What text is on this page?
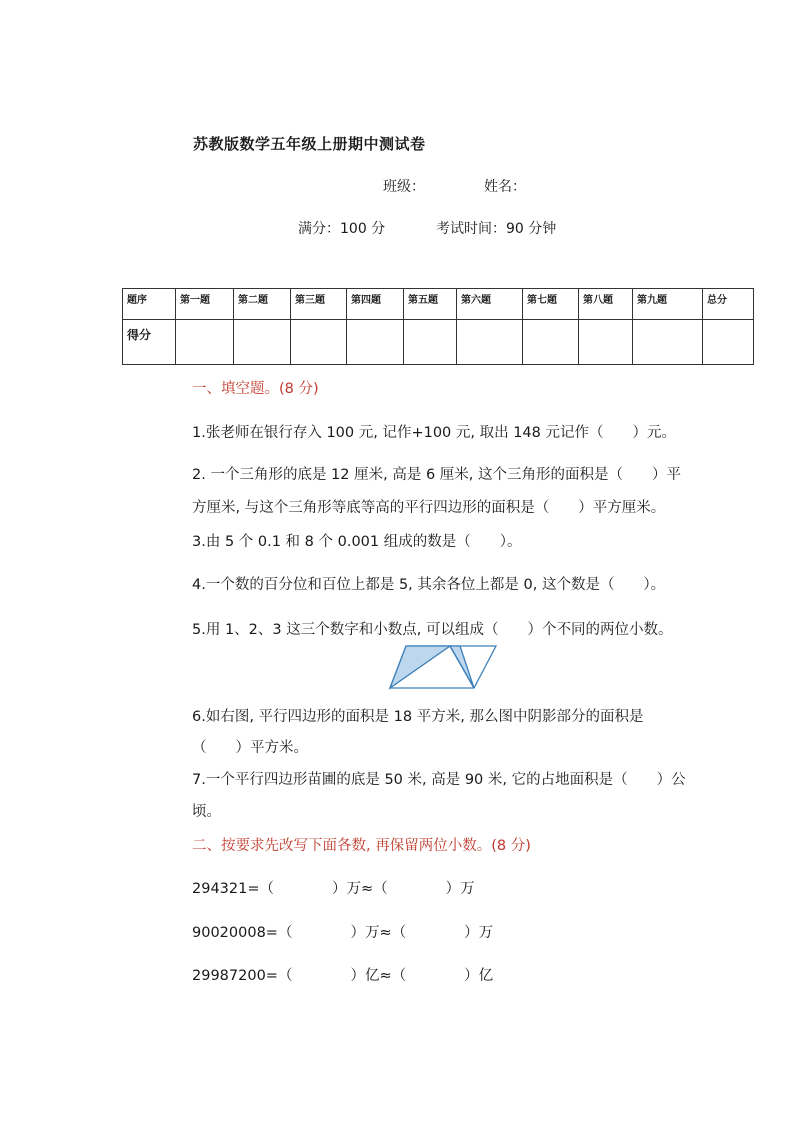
苏教版数学五年级上册期中测试卷
班级：	姓名：
满分：100 分	考试时间：90 分钟
题序	第一题	第二题	第三题	第四题	第五题	第六题	第七题	第八题	第九题	总分
得分										
一、填空题。(8 分)
1.张老师在银行存入 100 元, 记作+100 元, 取出 148 元记作（　　）元。
2. 一个三角形的底是 12 厘米, 高是 6 厘米, 这个三角形的面积是（　　）平
方厘米, 与这个三角形等底等高的平行四边形的面积是（　　）平方厘米。
3.由 5 个 0.1 和 8 个 0.001 组成的数是（　　）。
4.一个数的百分位和百位上都是 5, 其余各位上都是 0, 这个数是（　　）。
5.用 1、2、3 这三个数字和小数点, 可以组成（　　）个不同的两位小数。
6.如右图, 平行四边形的面积是 18 平方米, 那么图中阴影部分的面积是
（　　）平方米。
7.一个平行四边形苗圃的底是 50 米, 高是 90 米, 它的占地面积是（　　）公
顷。
二、按要求先改写下面各数, 再保留两位小数。(8 分)
294321=（　　　　）万≈（　　　　）万
90020008=（　　　　）万≈（　　　　）万
29987200=（　　　　）亿≈（　　　　）亿
